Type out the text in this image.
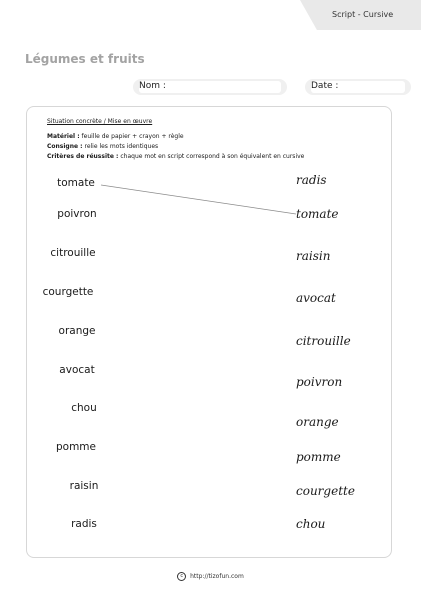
Script - Cursive
Légumes et fruits
Nom :	Date :
Situation concrète / Mise en œuvre
Matériel : feuille de papier + crayon + règle
Consigne : relie les mots identiques
Critères de réussite : chaque mot en script correspond à son équivalent en cursive
tomate
poivron
citrouille
courgette
orange
avocat
chou
pomme
raisin
radis
radis
tomate
raisin
avocat
citrouille
poivron
orange
pomme
courgette
chou
c http://tizofun.com
